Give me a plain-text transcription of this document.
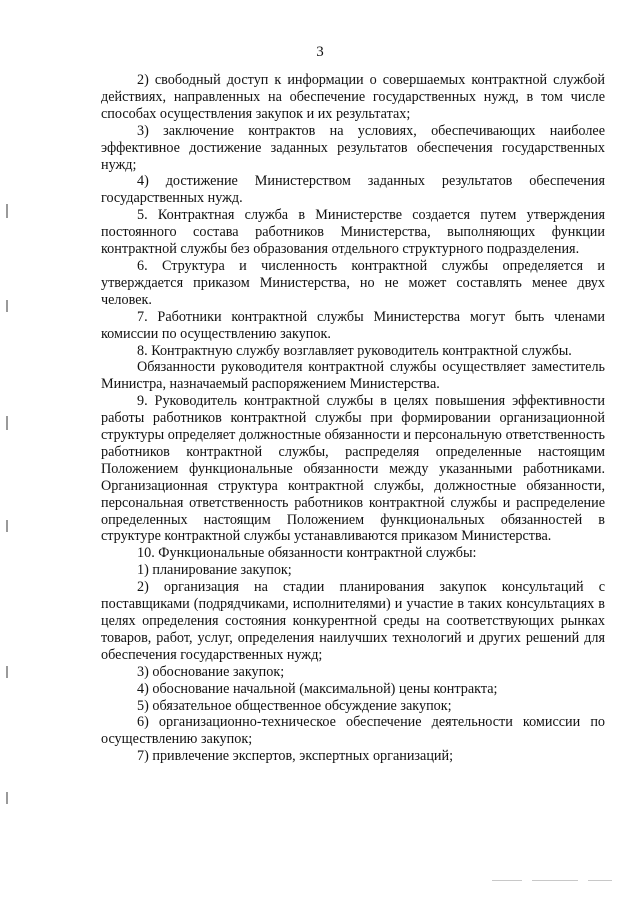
3

2) свободный доступ к информации о совершаемых контрактной службой действиях, направленных на обеспечение государственных нужд, в том числе способах осуществления закупок и их результатах;

3) заключение контрактов на условиях, обеспечивающих наиболее эффективное достижение заданных результатов обеспечения государственных нужд;

4) достижение Министерством заданных результатов обеспечения государственных нужд.

5. Контрактная служба в Министерстве создается путем утверждения постоянного состава работников Министерства, выполняющих функции контрактной службы без образования отдельного структурного подразделения.

6. Структура и численность контрактной службы определяется и утверждается приказом Министерства, но не может составлять менее двух человек.

7. Работники контрактной службы Министерства могут быть членами комиссии по осуществлению закупок.

8. Контрактную службу возглавляет руководитель контрактной службы.

Обязанности руководителя контрактной службы осуществляет заместитель Министра, назначаемый распоряжением Министерства.

9. Руководитель контрактной службы в целях повышения эффективности работы работников контрактной службы при формировании организационной структуры определяет должностные обязанности и персональную ответственность работников контрактной службы, распределяя определенные настоящим Положением функциональные обязанности между указанными работниками. Организационная структура контрактной службы, должностные обязанности, персональная ответственность работников контрактной службы и распределение определенных настоящим Положением функциональных обязанностей в структуре контрактной службы устанавливаются приказом Министерства.

10. Функциональные обязанности контрактной службы:

1) планирование закупок;

2) организация на стадии планирования закупок консультаций с поставщиками (подрядчиками, исполнителями) и участие в таких консультациях в целях определения состояния конкурентной среды на соответствующих рынках товаров, работ, услуг, определения наилучших технологий и других решений для обеспечения государственных нужд;

3) обоснование закупок;

4) обоснование начальной (максимальной) цены контракта;

5) обязательное общественное обсуждение закупок;

6) организационно-техническое обеспечение деятельности комиссии по осуществлению закупок;

7) привлечение экспертов, экспертных организаций;
